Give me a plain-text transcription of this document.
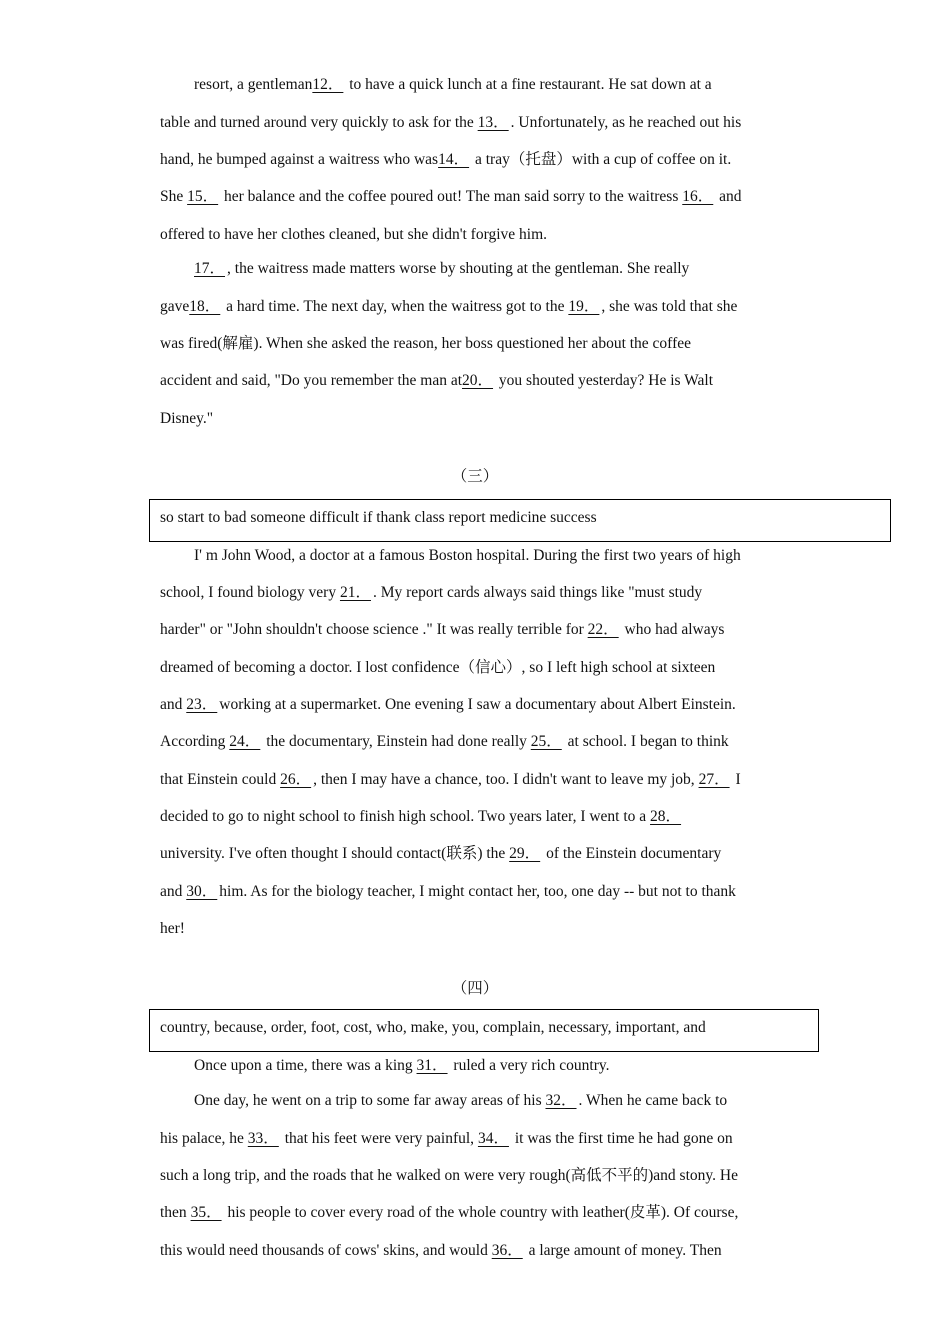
resort, a gentleman12． to have a quick lunch at a fine restaurant. He sat down at a
table and turned around very quickly to ask for the 13． . Unfortunately, as he reached out his
hand, he bumped against a waitress who was14． a tray（托盘）with a cup of coffee on it.
She 15． her balance and the coffee poured out! The man said sorry to the waitress 16． and
offered to have her clothes cleaned, but she didn't forgive him.
17． , the waitress made matters worse by shouting at the gentleman. She really
gave18． a hard time. The next day, when the waitress got to the 19． , she was told that she
was fired(解雇). When she asked the reason, her boss questioned her about the coffee
accident and said, "Do you remember the man at20． you shouted yesterday? He is Walt
Disney."
（三）
so start to bad someone difficult if thank class report medicine success
I' m John Wood, a doctor at a famous Boston hospital. During the first two years of high
school, I found biology very 21． . My report cards always said things like "must study
harder" or "John shouldn't choose science ." It was really terrible for 22． who had always
dreamed of becoming a doctor. I lost confidence（信心）, so I left high school at sixteen
and 23． working at a supermarket. One evening I saw a documentary about Albert Einstein.
According 24． the documentary, Einstein had done really 25． at school. I began to think
that Einstein could 26． , then I may have a chance, too. I didn't want to leave my job, 27． I
decided to go to night school to finish high school. Two years later, I went to a 28．
university. I've often thought I should contact(联系) the 29． of the Einstein documentary
and 30． him. As for the biology teacher, I might contact her, too, one day -- but not to thank
her!
（四）
country, because, order, foot, cost, who, make, you, complain, necessary, important, and
Once upon a time, there was a king 31． ruled a very rich country.
One day, he went on a trip to some far away areas of his 32． . When he came back to
his palace, he 33． that his feet were very painful, 34． it was the first time he had gone on
such a long trip, and the roads that he walked on were very rough(高低不平的)and stony. He
then 35． his people to cover every road of the whole country with leather(皮革). Of course,
this would need thousands of cows' skins, and would 36． a large amount of money. Then
